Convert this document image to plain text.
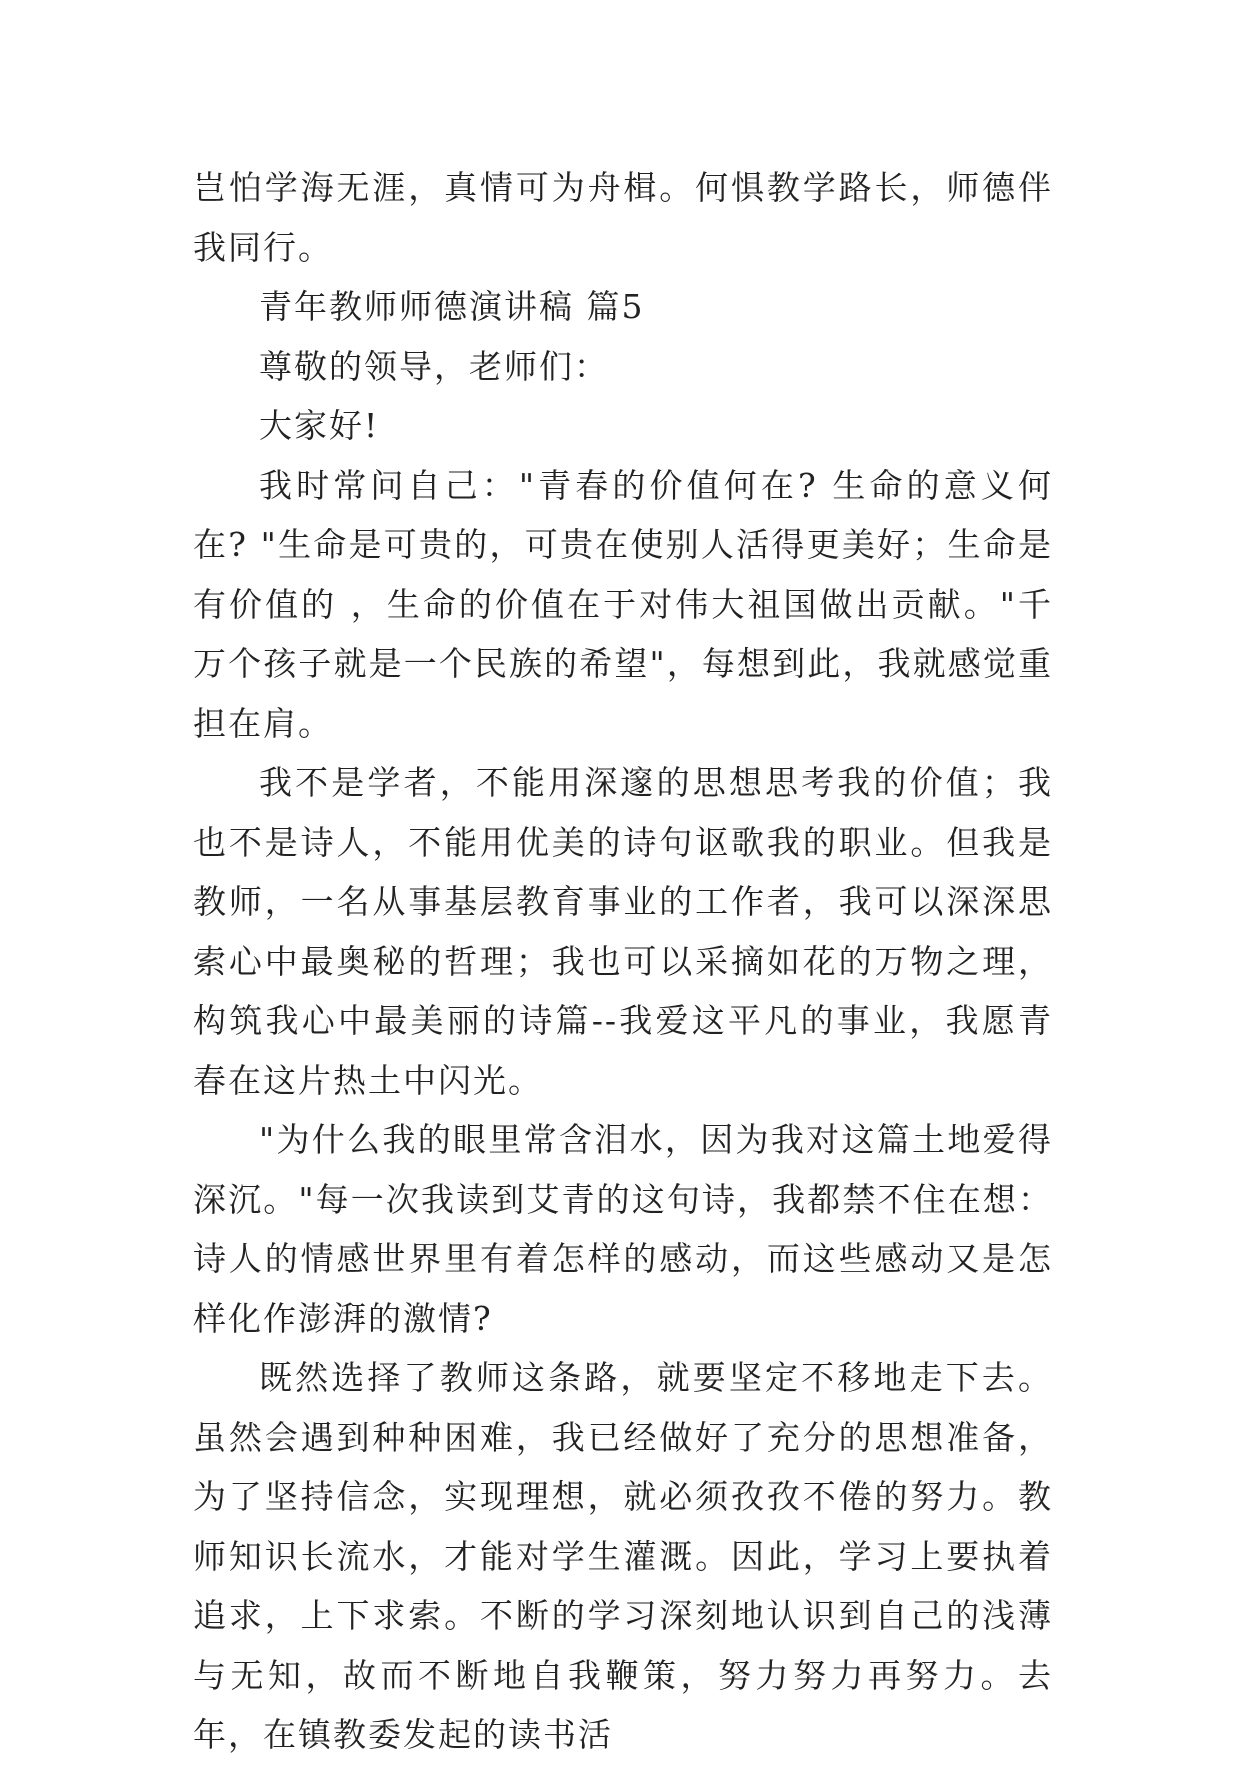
岂怕学海无涯，真情可为舟楫。何惧教学路长，师德伴我同行。

青年教师师德演讲稿 篇5

尊敬的领导，老师们：

大家好!

我时常问自己："青春的价值何在? 生命的意义何在? "生命是可贵的，可贵在使别人活得更美好；生命是有价值的 ，生命的价值在于对伟大祖国做出贡献。"千万个孩子就是一个民族的希望"，每想到此，我就感觉重担在肩。

我不是学者，不能用深邃的思想思考我的价值；我也不是诗人，不能用优美的诗句讴歌我的职业。但我是教师，一名从事基层教育事业的工作者，我可以深深思索心中最奥秘的哲理；我也可以采摘如花的万物之理，构筑我心中最美丽的诗篇--我爱这平凡的事业，我愿青春在这片热土中闪光。

"为什么我的眼里常含泪水，因为我对这篇土地爱得深沉。"每一次我读到艾青的这句诗，我都禁不住在想：诗人的情感世界里有着怎样的感动，而这些感动又是怎样化作澎湃的激情?

既然选择了教师这条路，就要坚定不移地走下去。虽然会遇到种种困难，我已经做好了充分的思想准备，为了坚持信念，实现理想，就必须孜孜不倦的努力。教师知识长流水，才能对学生灌溉。因此，学习上要执着追求，上下求索。不断的学习深刻地认识到自己的浅薄与无知，故而不断地自我鞭策，努力努力再努力。去年，在镇教委发起的读书活
